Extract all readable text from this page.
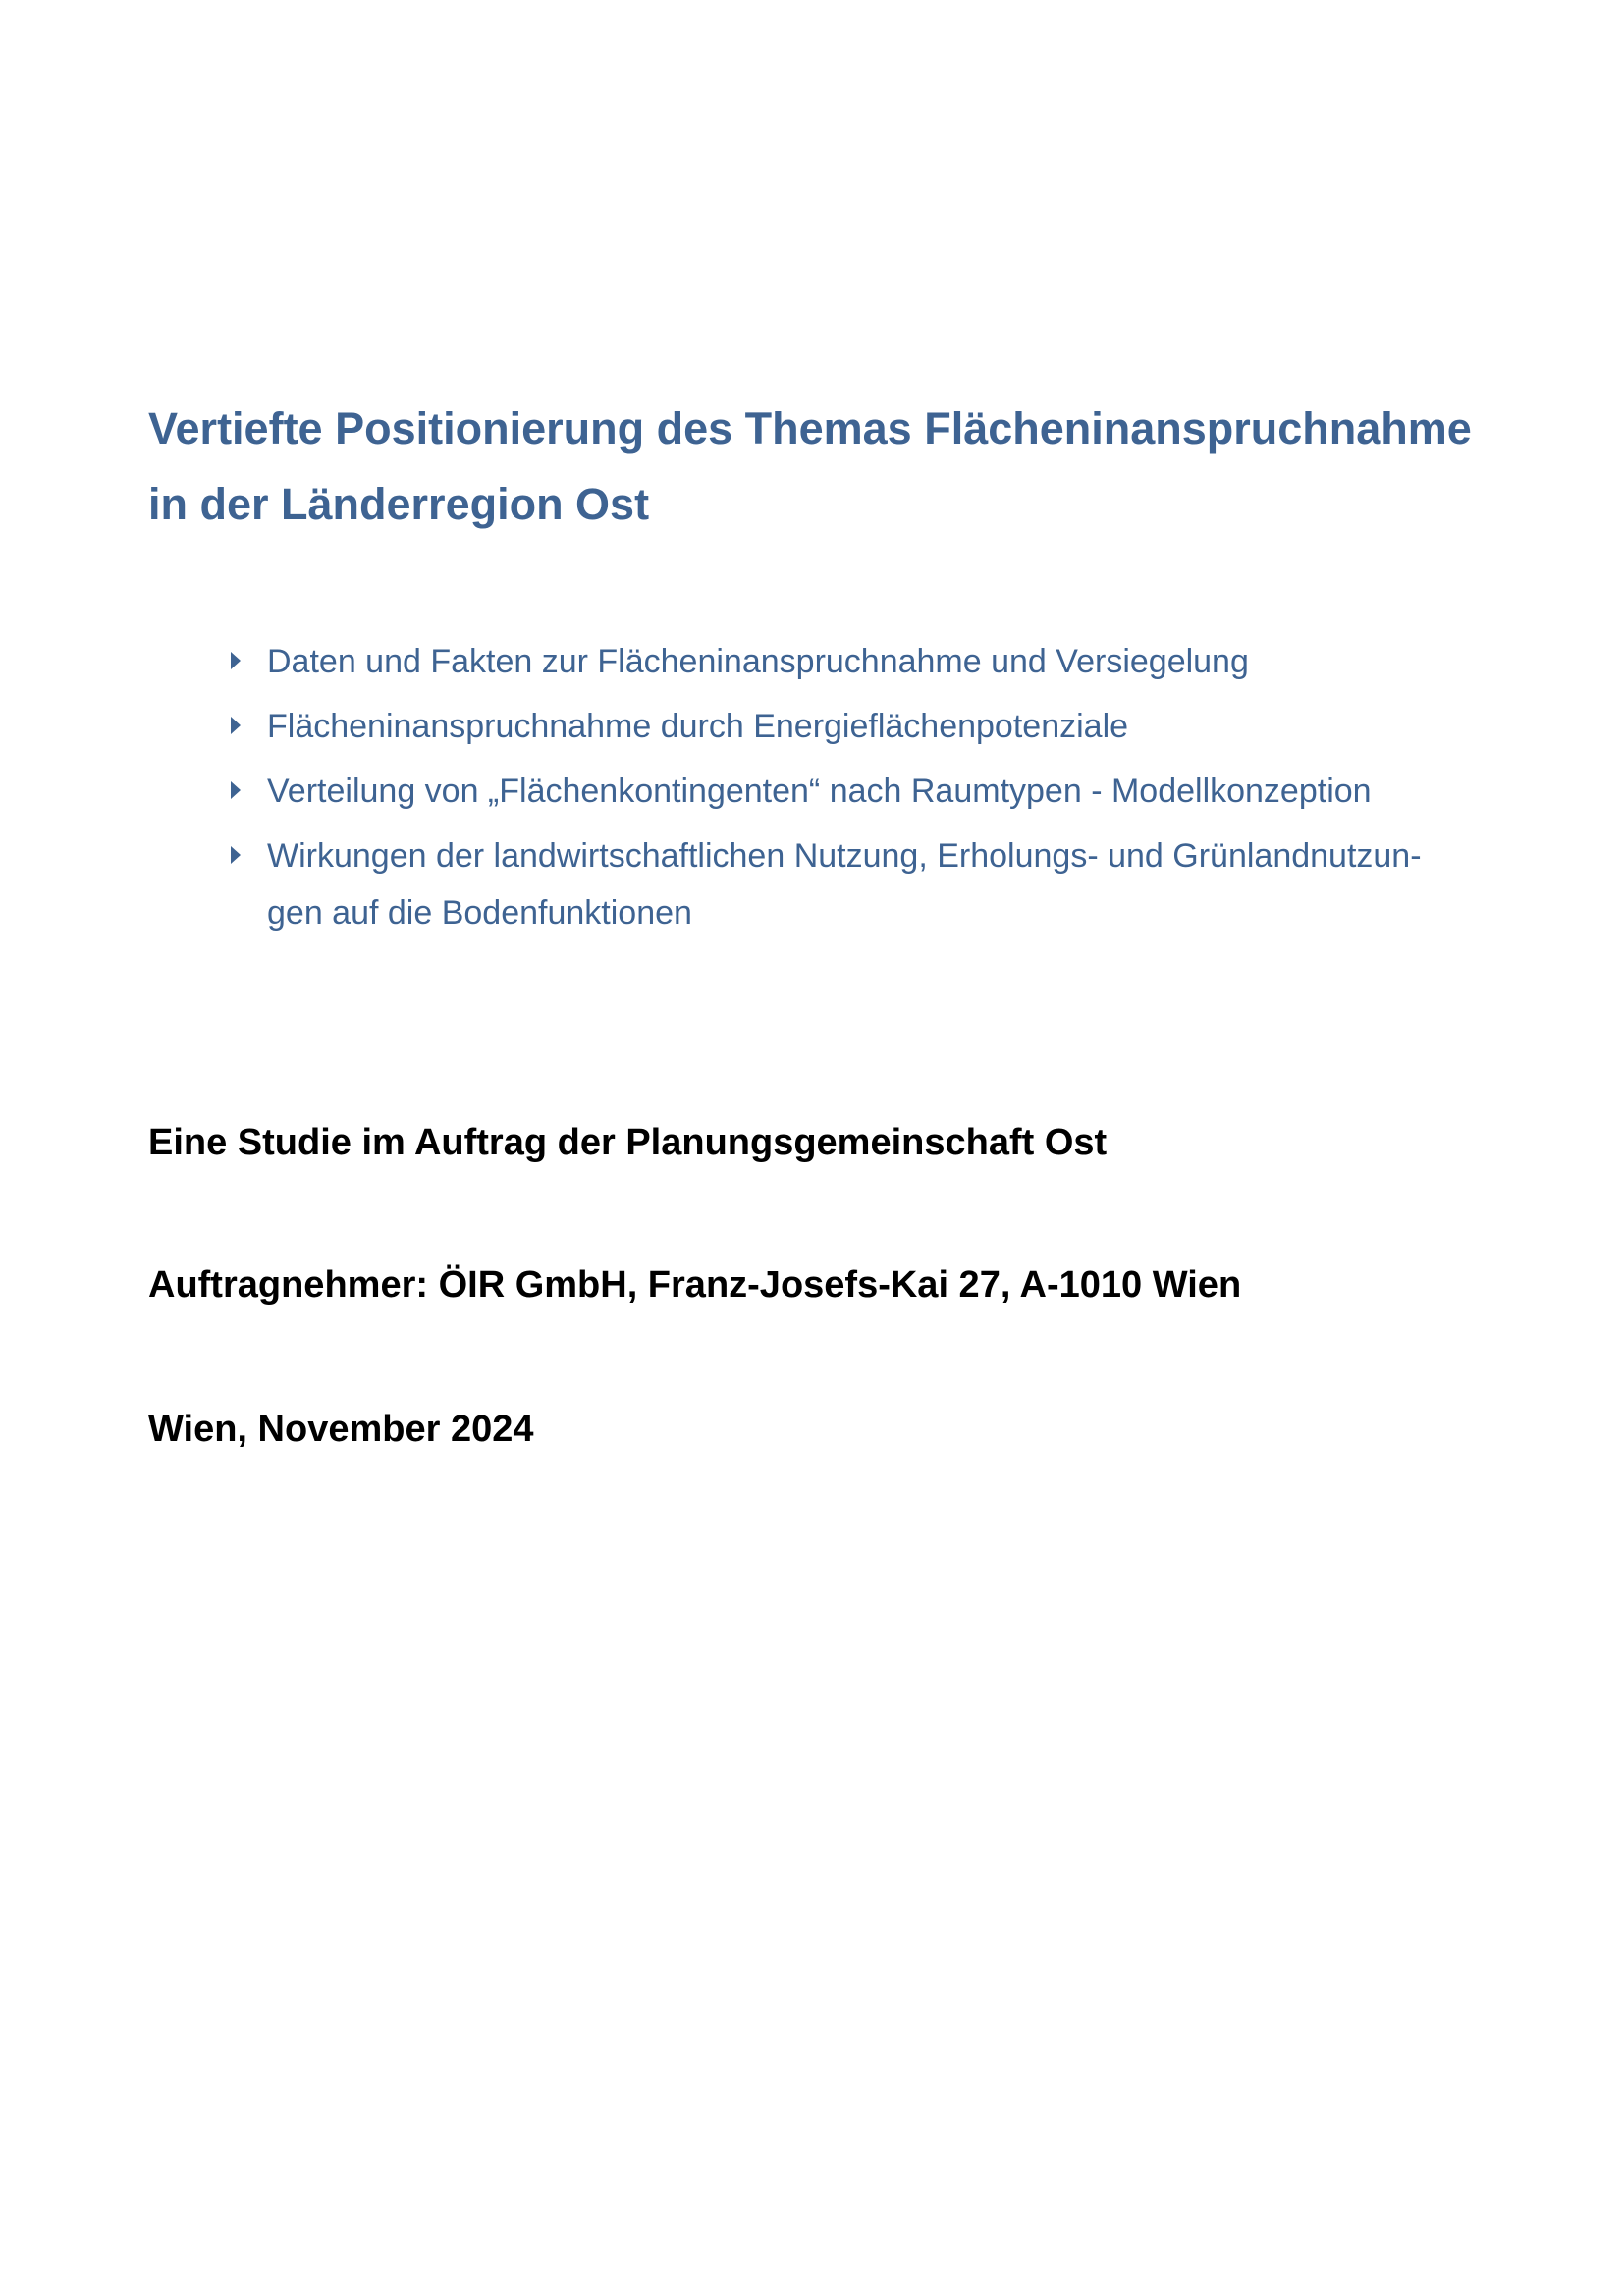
Vertiefte Positionierung des Themas Flächeninanspruchnahme
in der Länderregion Ost
Daten und Fakten zur Flächeninanspruchnahme und Versiegelung
Flächeninanspruchnahme durch Energieflächenpotenziale
Verteilung von „Flächenkontingenten“ nach Raumtypen - Modellkonzeption
Wirkungen der landwirtschaftlichen Nutzung, Erholungs- und Grünlandnutzun-
gen auf die Bodenfunktionen

Eine Studie im Auftrag der Planungsgemeinschaft Ost

Auftragnehmer: ÖIR GmbH, Franz-Josefs-Kai 27, A-1010 Wien

Wien, November 2024
